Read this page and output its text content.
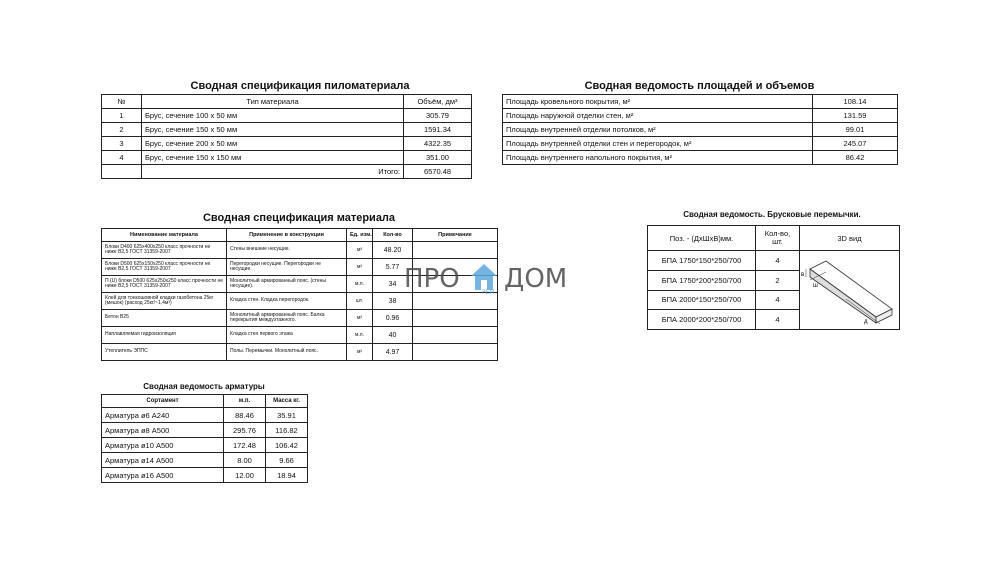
Сводная спецификация пиломатериала
№	Тип материала	Объём, дм³
1	Брус, сечение 100 х 50 мм	305.79
2	Брус, сечение 150 х 50 мм	1591.34
3	Брус, сечение 200 х 50 мм	4322.35
4	Брус, сечение 150 х 150 мм	351.00
	Итого:	6570.48
Сводная ведомость площадей и объемов
Площадь кровельного покрытия, м²	108.14
Площадь наружной отделки стен, м²	131.59
Площадь внутренней отделки потолков, м²	99.01
Площадь внутренней отделки стен и перегородок, м²	245.07
Площадь внутреннего напольного покрытия, м²	86.42
Сводная спецификация материала
Нименование материала	Применение в конструкции	Ед. изм.	Кол-во	Примечание
Блоки D400 625х400х250 класс прочности не ниже В2,5 ГОСТ 31359-2007	Стены внешние несущие.	м³	48.20	
Блоки D500 625х150х250 класс прочности не ниже В2,5 ГОСТ 31359-2007	Перегородки несущие. Перегородки не несущие.	м³	5.77	
П (U) блоки D500 625х250х250 класс прочности не ниже В2,5 ГОСТ 31359-2007	Монолитный армированный пояс. (стены несущие).	м.п.	34	
Клей для тонкошовной кладки газобетона 25кг (мешок) (расход 25кг/~1,4м³)	Кладка стен. Кладка перегородок.	шт.	38	
Бетон В25	Монолитный армированный пояс. Балка перекрытия междуэтажного.	м³	0.96	
Наплавляемая гидроизоляция	Кладка стен первого этажа	м.п.	40	
Утеплитель ЭППС	Полы. Перемычки. Монолитный пояс.	м³	4.97	
Сводная ведомость арматуры
Сортамент	м.п.	Масса кг.
Арматура ø6 А240	88.46	35.91
Арматура ø8 А500	295.76	116.82
Арматура ø10 А500	172.48	106.42
Арматура ø14 А500	8.00	9.66
Арматура ø16 А500	12.00	18.94
Сводная ведомость. Брусковые перемычки.
Поз. - (ДхШхВ)мм.	Кол-во, шт.	3D вид
БПА 1750*150*250/700	4	в
ш
д

БПА 1750*200*250/700	2	
БПА 2000*150*250/700	4	
БПА 2000*200*250/700	4	
ПРО	РЕМ ДОМ
